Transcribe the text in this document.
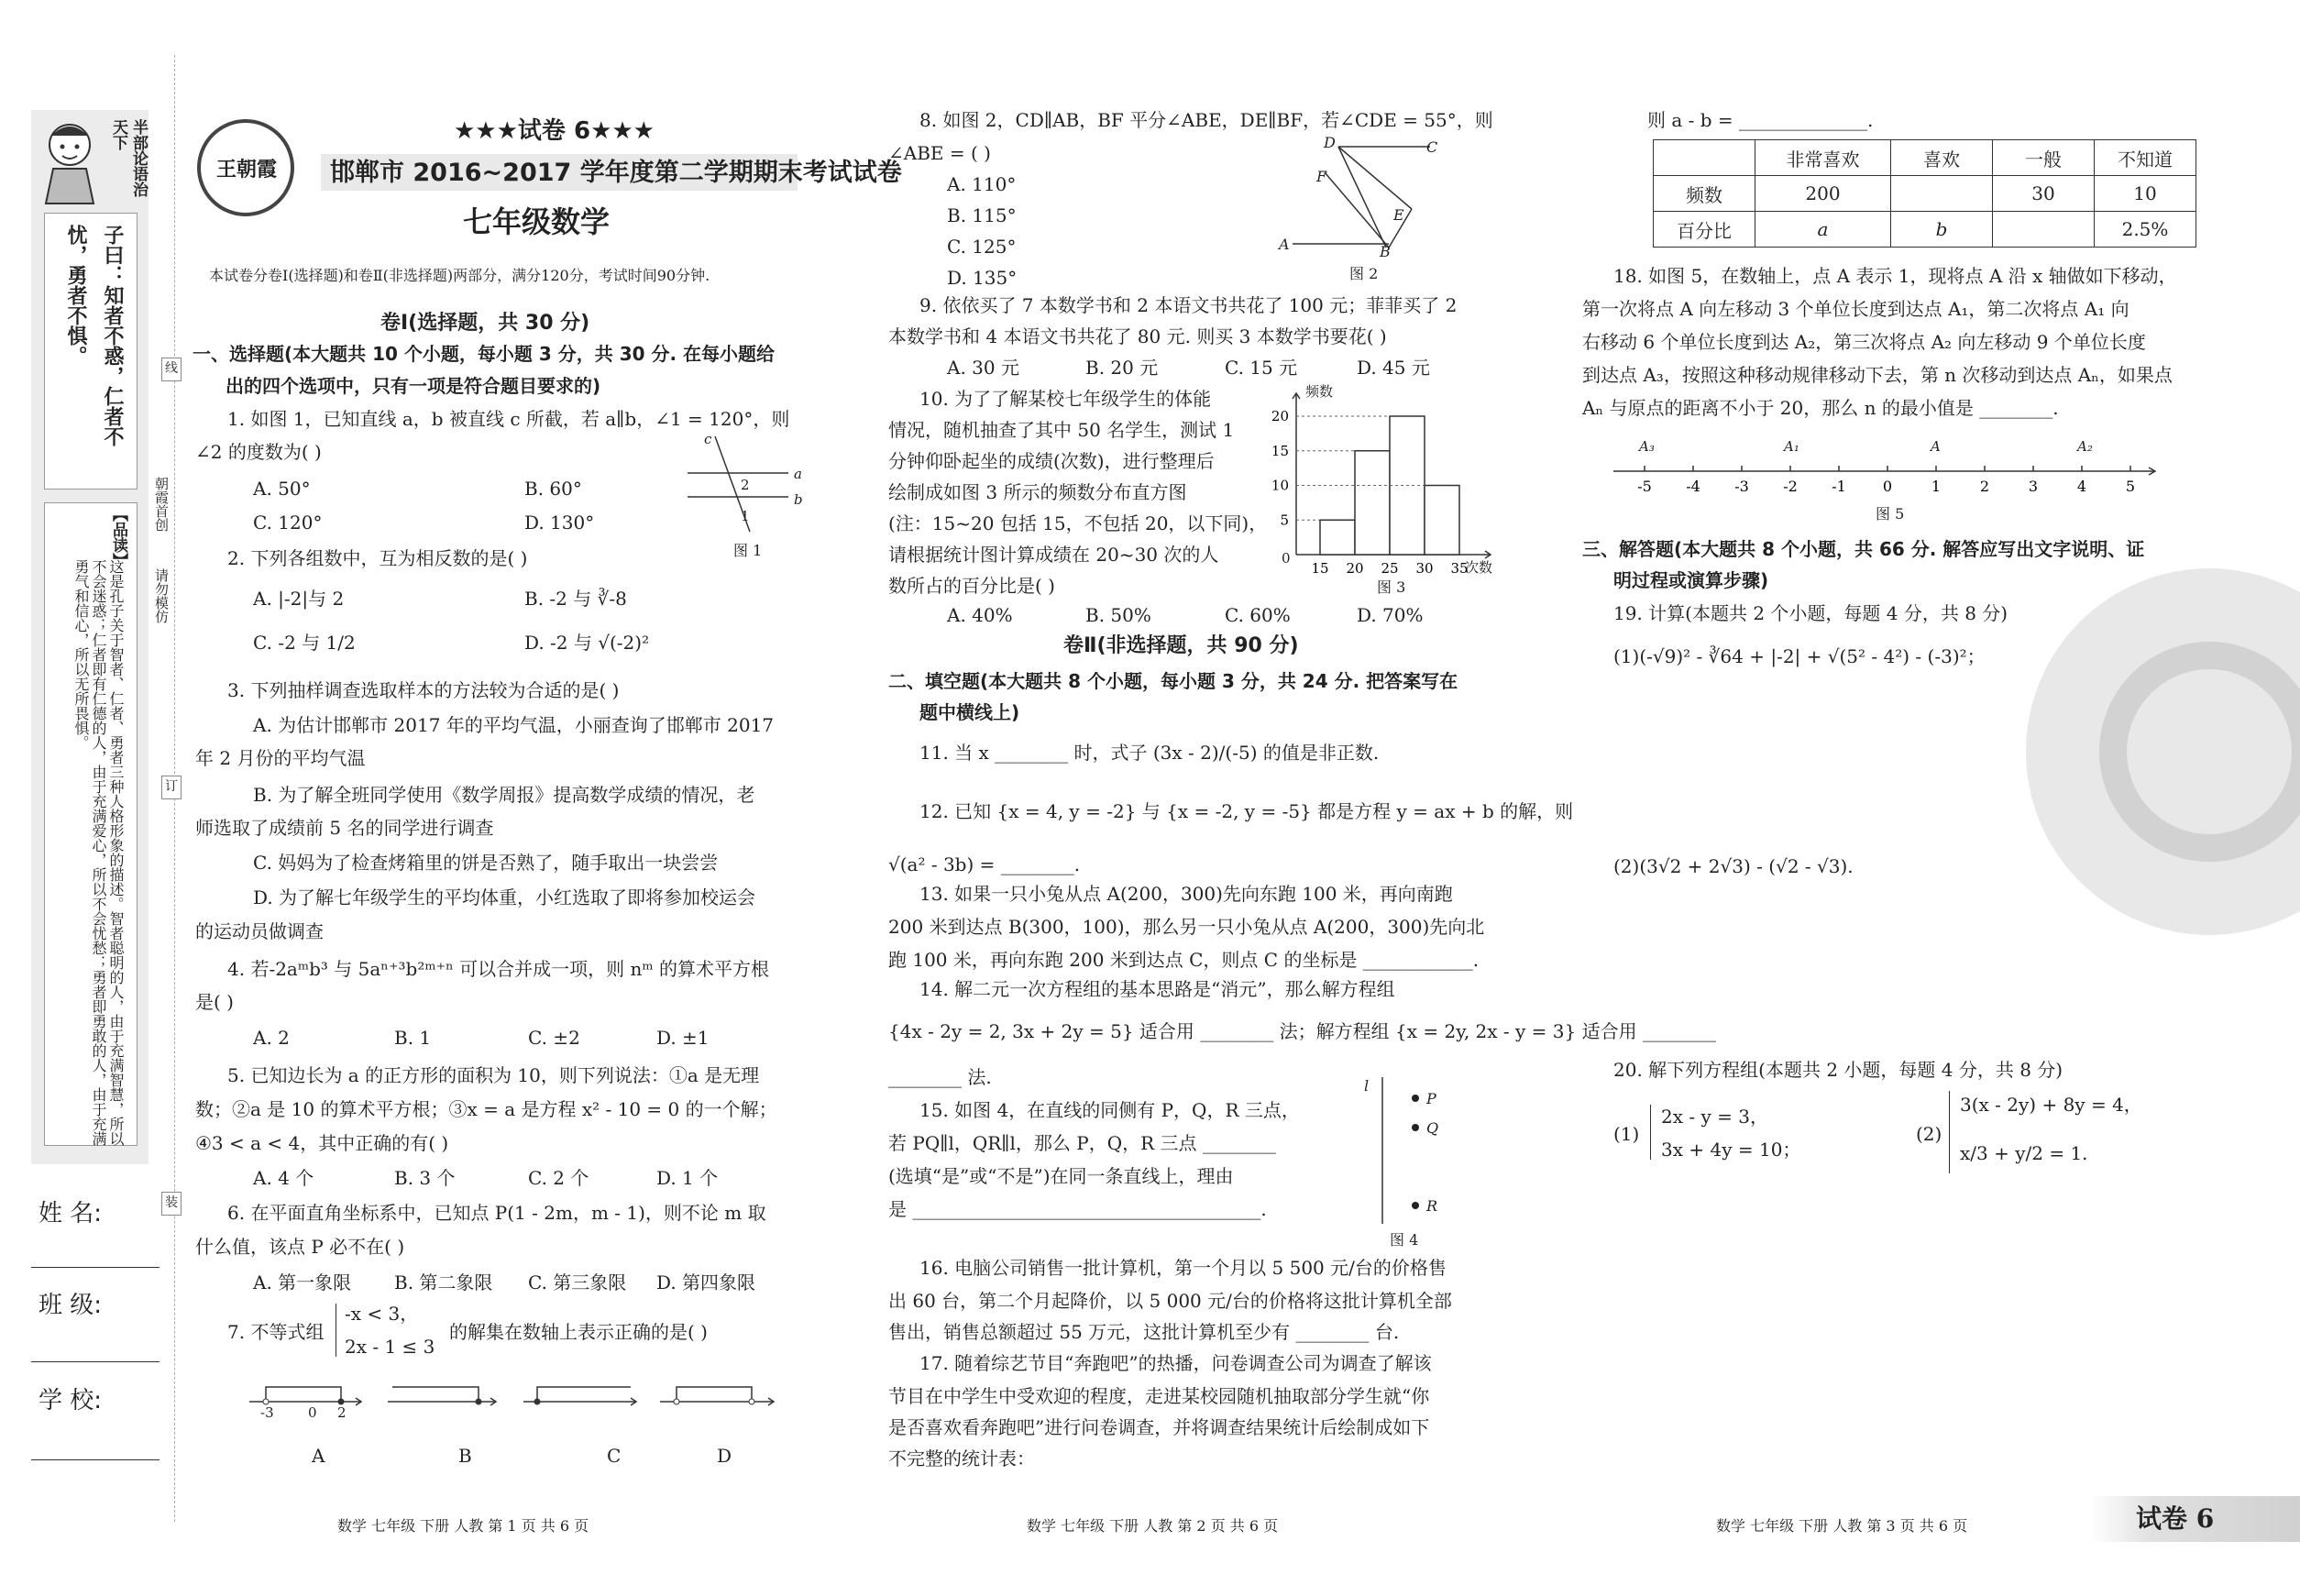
半部论语治天下
子曰：知者不惑，仁者不忧，勇者不惧。
【品读】
这是孔子关于智者、仁者、勇者三种人格形象的描述。智者聪明的人，由于充满智慧，所以不会迷惑；仁者即有仁德的人，由于充满爱心，所以不会忧愁；勇者即勇敢的人，由于充满勇气和信心，所以无所畏惧。
朝霞首创
请勿模仿
线
订
装
姓 名:
班 级:
学 校:
王朝霞
★★★试卷 6★★★
邯郸市 2016~2017 学年度第二学期期末考试试卷
七年级数学
本试卷分卷Ⅰ(选择题)和卷Ⅱ(非选择题)两部分，满分120分，考试时间90分钟.
卷Ⅰ(选择题，共 30 分)
一、选择题(本大题共 10 个小题，每小题 3 分，共 30 分. 在每小题给
出的四个选项中，只有一项是符合题目要求的)
1. 如图 1，已知直线 a，b 被直线 c 所截，若 a∥b，∠1 = 120°，则
∠2 的度数为( )
A. 50°	B. 60°
C. 120°	D. 130°
c
2
a
1
b
图 1
2. 下列各组数中，互为相反数的是( )
A. |-2|与 2	B. -2 与 ∛-8
C. -2 与 1/2	D. -2 与 √(-2)²
3. 下列抽样调查选取样本的方法较为合适的是( )
A. 为估计邯郸市 2017 年的平均气温，小丽查询了邯郸市 2017
年 2 月份的平均气温
B. 为了解全班同学使用《数学周报》提高数学成绩的情况，老
师选取了成绩前 5 名的同学进行调查
C. 妈妈为了检查烤箱里的饼是否熟了，随手取出一块尝尝
D. 为了解七年级学生的平均体重，小红选取了即将参加校运会
的运动员做调查
4. 若-2aᵐb³ 与 5aⁿ⁺³b²ᵐ⁺ⁿ 可以合并成一项，则 nᵐ 的算术平方根
是( )
A. 2	B. 1	C. ±2	D. ±1
5. 已知边长为 a 的正方形的面积为 10，则下列说法：①a 是无理
数；②a 是 10 的算术平方根；③x = a 是方程 x² - 10 = 0 的一个解；
④3 < a < 4，其中正确的有( )
A. 4 个	B. 3 个	C. 2 个	D. 1 个
6. 在平面直角坐标系中，已知点 P(1 - 2m，m - 1)，则不论 m 取
什么值，该点 P 必不在( )
A. 第一象限 B. 第二象限 C. 第三象限 D. 第四象限
7. 不等式组
-x < 3，
2x - 1 ≤ 3
的解集在数轴上表示正确的是( )
-3 0 2
A	B	C	D
数学 七年级 下册 人教 第 1 页 共 6 页
8. 如图 2，CD∥AB，BF 平分∠ABE，DE∥BF，若∠CDE = 55°，则
∠ABE = ( )
A. 110°
B. 115°
C. 125°
D. 135°
D	C
F
E
A	B
图 2
9. 依依买了 7 本数学书和 2 本语文书共花了 100 元；菲菲买了 2
本数学书和 4 本语文书共花了 80 元. 则买 3 本数学书要花( )
A. 30 元	B. 20 元	C. 15 元	D. 45 元
10. 为了了解某校七年级学生的体能
情况，随机抽查了其中 50 名学生，测试 1
分钟仰卧起坐的成绩(次数)，进行整理后
绘制成如图 3 所示的频数分布直方图
(注：15~20 包括 15，不包括 20，以下同)，
请根据统计图计算成绩在 20~30 次的人
数所占的百分比是( )
A. 40%	B. 50%	C. 60%	D. 70%
5
10
15
20
15 20 25 30 35
频数
次数
0
图 3
卷Ⅱ(非选择题，共 90 分)
二、填空题(本大题共 8 个小题，每小题 3 分，共 24 分. 把答案写在
题中横线上)
11. 当 x ________ 时，式子 (3x - 2)/(-5) 的值是非正数.
12. 已知 {x = 4, y = -2} 与 {x = -2, y = -5} 都是方程 y = ax + b 的解，则
√(a² - 3b) = ________.
13. 如果一只小兔从点 A(200，300)先向东跑 100 米，再向南跑
200 米到达点 B(300，100)，那么另一只小兔从点 A(200，300)先向北
跑 100 米，再向东跑 200 米到达点 C，则点 C 的坐标是 ____________.
14. 解二元一次方程组的基本思路是“消元”，那么解方程组
{4x - 2y = 2, 3x + 2y = 5} 适合用 ________ 法；解方程组 {x = 2y, 2x - y = 3} 适合用 ________
________ 法.
15. 如图 4，在直线的同侧有 P，Q，R 三点，
若 PQ∥l，QR∥l，那么 P，Q，R 三点 ________
(选填“是”或“不是”)在同一条直线上，理由
是 ______________________________________.
l
P
Q
R
图 4
16. 电脑公司销售一批计算机，第一个月以 5 500 元/台的价格售
出 60 台，第二个月起降价，以 5 000 元/台的价格将这批计算机全部
售出，销售总额超过 55 万元，这批计算机至少有 ________ 台.
17. 随着综艺节目“奔跑吧”的热播，问卷调查公司为调查了解该
节目在中学生中受欢迎的程度，走进某校园随机抽取部分学生就“你
是否喜欢看奔跑吧”进行问卷调查，并将调查结果统计后绘制成如下
不完整的统计表：
数学 七年级 下册 人教 第 2 页 共 6 页
则 a - b = ______________.
	非常喜欢	喜欢	一般	不知道
频数	200		30	10
百分比	a	b		2.5%
18. 如图 5，在数轴上，点 A 表示 1，现将点 A 沿 x 轴做如下移动，
第一次将点 A 向左移动 3 个单位长度到达点 A₁，第二次将点 A₁ 向
右移动 6 个单位长度到达 A₂，第三次将点 A₂ 向左移动 9 个单位长度
到达点 A₃，按照这种移动规律移动下去，第 n 次移动到达点 Aₙ，如果点
Aₙ 与原点的距离不小于 20，那么 n 的最小值是 ________.
-5 -4 -3 -2 -1	0	1	2	3	4	5
A₃	A₁	A	A₂
图 5
三、解答题(本大题共 8 个小题，共 66 分. 解答应写出文字说明、证
明过程或演算步骤)
19. 计算(本题共 2 个小题，每题 4 分，共 8 分)
(1)(-√9)² - ∛64 + |-2| + √(5² - 4²) - (-3)²；
(2)(3√2 + 2√3) - (√2 - √3).
20. 解下列方程组(本题共 2 小题，每题 4 分，共 8 分)
(1)
2x - y = 3，
3x + 4y = 10；
(2)
3(x - 2y) + 8y = 4，
x/3 + y/2 = 1.
数学 七年级 下册 人教 第 3 页 共 6 页	试卷 6
